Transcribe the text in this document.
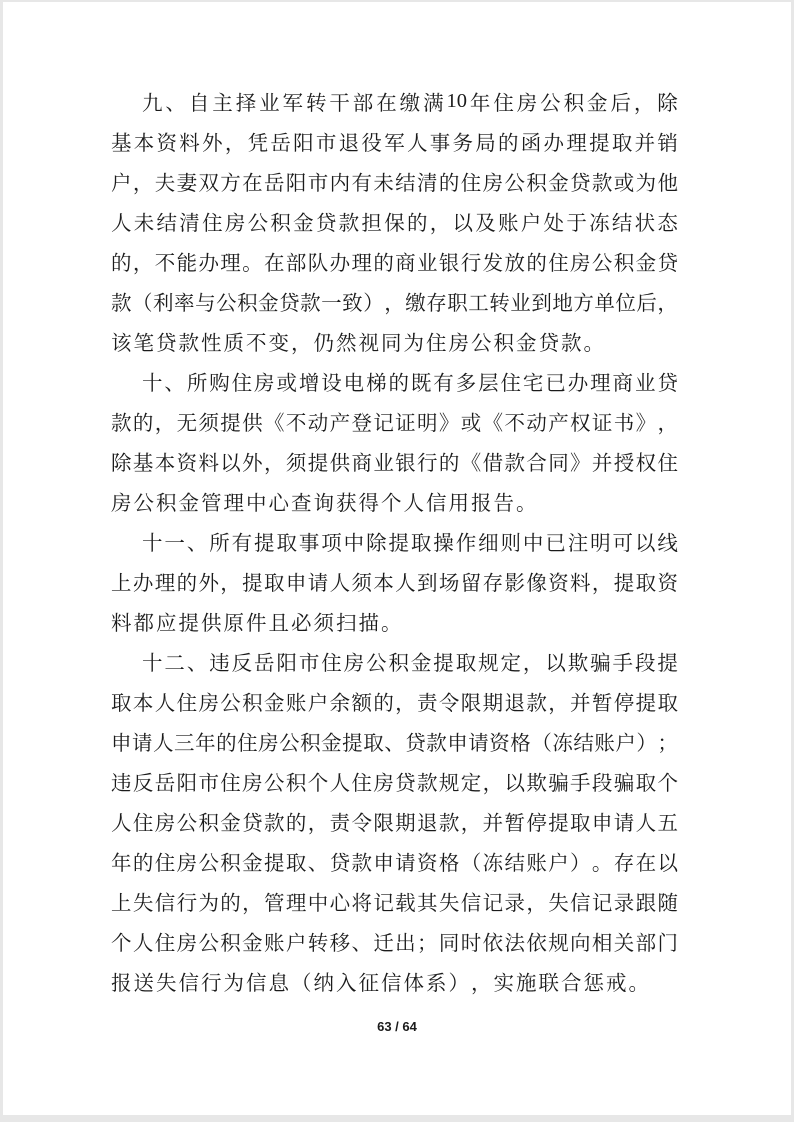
九 、 自 主 择 业 军 转 干 部 在 缴 满 10 年 住 房 公 积 金 后 ， 除
基 本 资 料 外 ， 凭 岳 阳 市 退 役 军 人 事 务 局 的 函 办 理 提 取 并 销
户 ， 夫 妻 双 方 在 岳 阳 市 内 有 未 结 清 的 住 房 公 积 金 贷 款 或 为 他
人 未 结 清 住 房 公 积 金 贷 款 担 保 的 ， 以 及 账 户 处 于 冻 结 状 态
的 ， 不 能 办 理 。 在 部 队 办 理 的 商 业 银 行 发 放 的 住 房 公 积 金 贷
款 （ 利 率 与 公 积 金 贷 款 一 致 ） ， 缴 存 职 工 转 业 到 地 方 单 位 后 ，
该 笔 贷 款 性 质 不 变 ， 仍 然 视 同 为 住 房 公 积 金 贷 款 。
十 、 所 购 住 房 或 增 设 电 梯 的 既 有 多 层 住 宅 已 办 理 商 业 贷
款 的 ， 无 须 提 供 《 不 动 产 登 记 证 明 》 或 《 不 动 产 权 证 书 》 ，
除 基 本 资 料 以 外 ， 须 提 供 商 业 银 行 的 《 借 款 合 同 》 并 授 权 住
房 公 积 金 管 理 中 心 查 询 获 得 个 人 信 用 报 告 。
十 一 、 所 有 提 取 事 项 中 除 提 取 操 作 细 则 中 已 注 明 可 以 线
上 办 理 的 外 ， 提 取 申 请 人 须 本 人 到 场 留 存 影 像 资 料 ， 提 取 资
料 都 应 提 供 原 件 且 必 须 扫 描 。
十 二 、 违 反 岳 阳 市 住 房 公 积 金 提 取 规 定 ， 以 欺 骗 手 段 提
取 本 人 住 房 公 积 金 账 户 余 额 的 ， 责 令 限 期 退 款 ， 并 暂 停 提 取
申 请 人 三 年 的 住 房 公 积 金 提 取 、 贷 款 申 请 资 格 （ 冻 结 账 户 ） ；
违 反 岳 阳 市 住 房 公 积 个 人 住 房 贷 款 规 定 ， 以 欺 骗 手 段 骗 取 个
人 住 房 公 积 金 贷 款 的 ， 责 令 限 期 退 款 ， 并 暂 停 提 取 申 请 人 五
年 的 住 房 公 积 金 提 取 、 贷 款 申 请 资 格 （ 冻 结 账 户 ） 。 存 在 以
上 失 信 行 为 的 ， 管 理 中 心 将 记 载 其 失 信 记 录 ， 失 信 记 录 跟 随
个 人 住 房 公 积 金 账 户 转 移 、 迁 出 ； 同 时 依 法 依 规 向 相 关 部 门
报 送 失 信 行 为 信 息 （ 纳 入 征 信 体 系 ） ， 实 施 联 合 惩 戒 。
63 / 64
